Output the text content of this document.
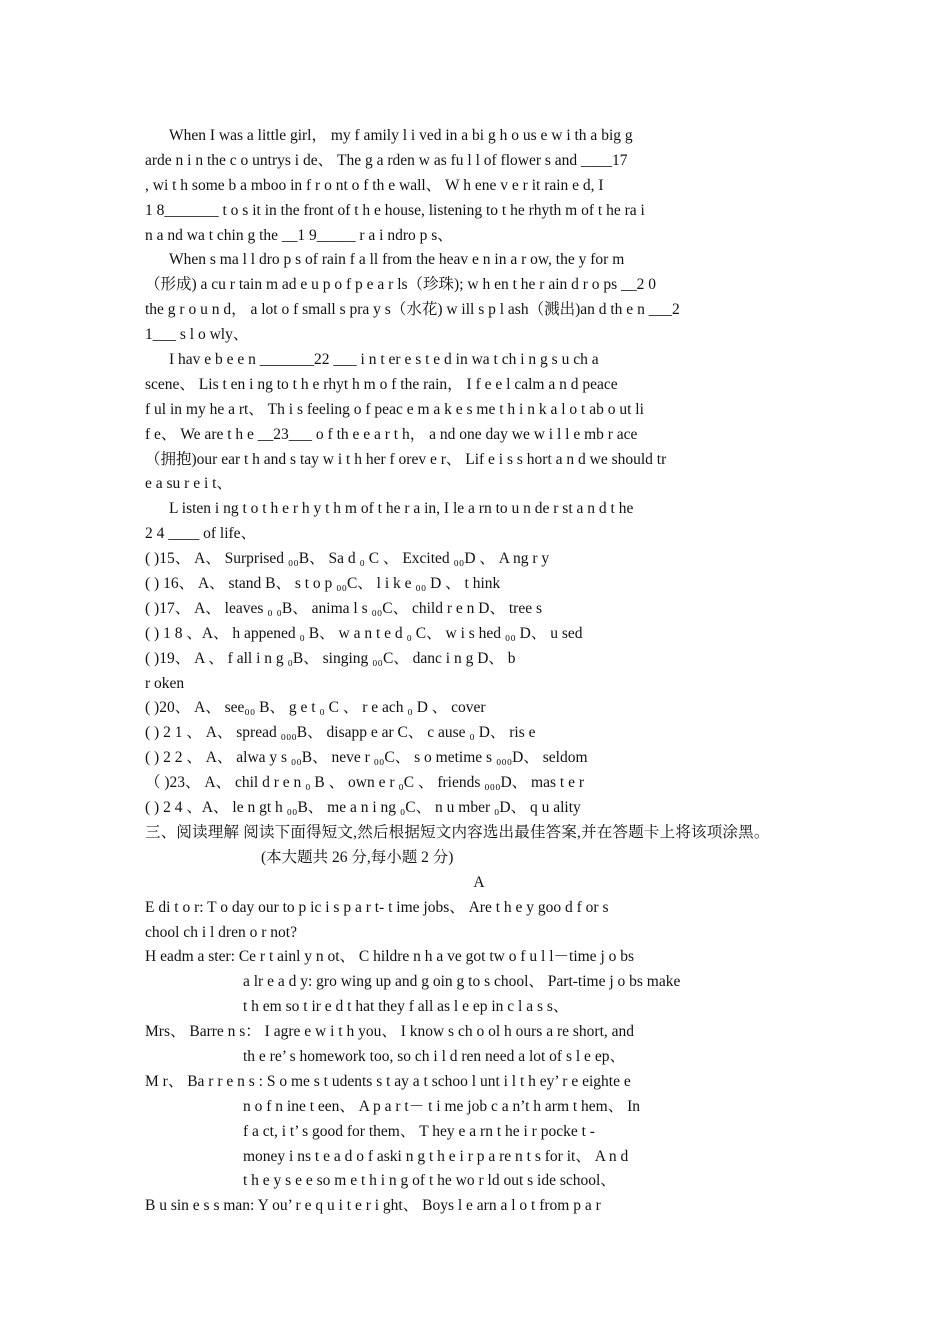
When I was a little girl， my f amily l i ved in a bi g h o us e w i th a big g
arde n i n the c o untrys i de、 The g a rden w as fu l l of flower s and ____17
, wi t h some b a mboo in f r o nt o f th e wall、 W h ene v e r it rain e d, I
1 8_______ t o s it in the front of t h e house, listening to t he rhyth m of t he ra i
n a nd wa t chin g the __1 9_____ r a i ndro p s、
When s ma l l dro p s of rain f a ll from the heav e n in a r ow, the y for m
（形成) a cu r tain m ad e u p o f p e a r ls（珍珠); w h en t he r ain d r o ps __2 0
the g r o u n d， a lot o f small s pra y s（水花) w ill s p l ash（溅出)an d th e n ___2
1___ s l o wly、
I hav e b e e n _______22 ___ i n t er e s t e d in wa t ch i n g s u ch a
scene、 Lis t en i ng to t h e rhyt h m o f the rain， I f e e l calm a n d peace
f ul in my he a rt、 Th i s feeling o f peac e m a k e s me t h i n k a l o t ab o ut li
f e、 We are t h e __23___ o f th e e a r t h， a nd one day we w i l l e mb r ace
（拥抱)our ear t h and s tay w i t h her f orev e r、 Lif e i s s hort a n d we should tr
e a su r e i t、
L isten i ng t o t h e r h y t h m of t he r a in, I le a rn to u n de r st a n d t he
2 4 ____ of life、
( )15、 A、 Surprised ₀₀B、 Sa d ₀ C 、 Excited ₀₀D 、 A ng r y
( ) 16、 A、 stand B、 s t o p ₀₀C、 l i k e ₀₀ D 、 t hink
( )17、 A、 leaves ₀ ₀B、 anima l s ₀₀C、 child r e n D、 tree s
( ) 1 8 、A、 h appened ₀ B、 w a n t e d ₀ C、 w i s hed ₀₀ D、 u sed
( )19、 A 、 f all i n g ₀B、 singing ₀₀C、 danc i n g D、 b
r oken
( )20、 A、 see₀₀ B、 g e t ₀ C 、 r e ach ₀ D 、 cover
( ) 2 1 、 A、 spread ₀₀₀B、 disapp e ar C、 c ause ₀ D、 ris e
( ) 2 2 、 A、 alwa y s ₀₀B、 neve r ₀₀C、 s o metime s ₀₀₀D、 seldom
（ )23、 A、 chil d r e n ₀ B 、 own e r ₀C 、 friends ₀₀₀D、 mas t e r
( ) 2 4 、A、 le n gt h ₀₀B、 me a n i ng ₀C、 n u mber ₀D、 q u ality
三、阅读理解 阅读下面得短文,然后根据短文内容选出最佳答案,并在答题卡上将该项涂黑。
(本大题共 26 分,每小题 2 分)
A
E di t o r: T o day our to p ic i s p a r t- t ime jobs、 Are t h e y goo d f or s
chool ch i l dren o r not?
H eadm a ster: Ce r t ainl y n ot、 C hildre n h a ve got tw o f u l l－time j o bs
a lr e a d y: gro wing up and g oin g to s chool、 Part-time j o bs make
t h em so t ir e d t hat they f all as l e ep in c l a s s、
Mrs、 Barre n s： I agre e w i t h you、 I know s ch o ol h ours a re short, and
th e re’ s homework too, so ch i l d ren need a lot of s l e ep、
M r、 Ba r r e n s : S o me s t udents s t ay a t schoo l unt i l t h ey’ r e eighte e
n o f n ine t een、 A p a r t－ t i me job c a n’t h arm t hem、 In
f a ct, i t’ s good for them、 T hey e a rn t he i r pocke t -
money i ns t e a d o f aski n g t h e i r p a re n t s for it、 A n d
t h e y s e e so m e t h i n g of t he wo r ld out s ide school、
B u sin e s s man: Y ou’ r e q u i t e r i ght、 Boys l e arn a l o t from p a r
